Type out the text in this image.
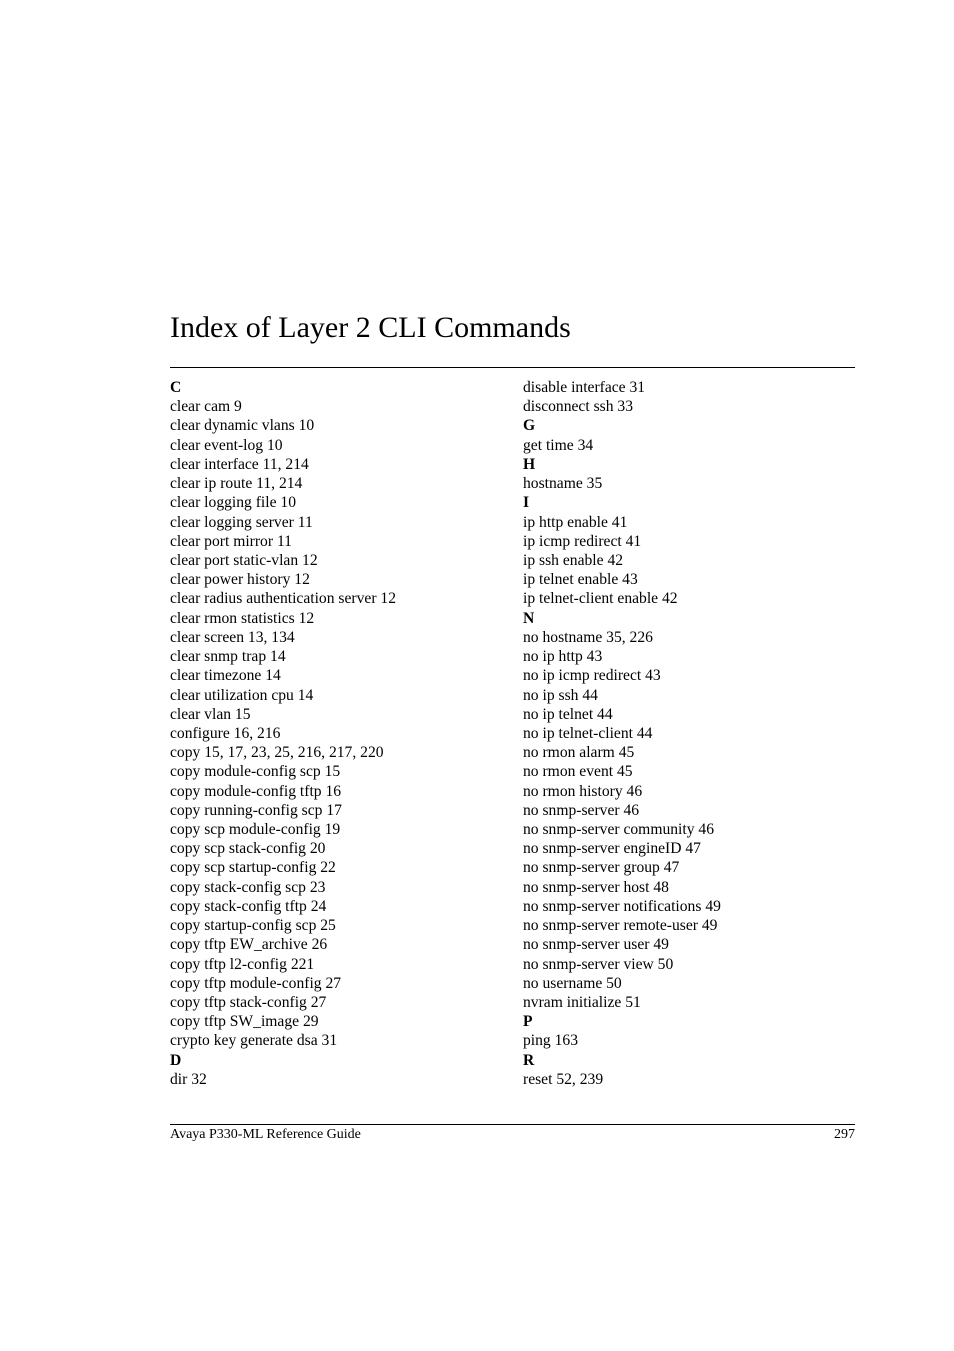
Index of Layer 2 CLI Commands
C
clear cam 9
clear dynamic vlans 10
clear event-log 10
clear interface 11, 214
clear ip route 11, 214
clear logging file 10
clear logging server 11
clear port mirror 11
clear port static-vlan 12
clear power history 12
clear radius authentication server 12
clear rmon statistics 12
clear screen 13, 134
clear snmp trap 14
clear timezone 14
clear utilization cpu 14
clear vlan 15
configure 16, 216
copy 15, 17, 23, 25, 216, 217, 220
copy module-config scp 15
copy module-config tftp 16
copy running-config scp 17
copy scp module-config 19
copy scp stack-config 20
copy scp startup-config 22
copy stack-config scp 23
copy stack-config tftp 24
copy startup-config scp 25
copy tftp EW_archive 26
copy tftp l2-config 221
copy tftp module-config 27
copy tftp stack-config 27
copy tftp SW_image 29
crypto key generate dsa 31
D
dir 32
disable interface 31
disconnect ssh 33
G
get time 34
H
hostname 35
I
ip http enable 41
ip icmp redirect 41
ip ssh enable 42
ip telnet enable 43
ip telnet-client enable 42
N
no hostname 35, 226
no ip http 43
no ip icmp redirect 43
no ip ssh 44
no ip telnet 44
no ip telnet-client 44
no rmon alarm 45
no rmon event 45
no rmon history 46
no snmp-server 46
no snmp-server community 46
no snmp-server engineID 47
no snmp-server group 47
no snmp-server host 48
no snmp-server notifications 49
no snmp-server remote-user 49
no snmp-server user 49
no snmp-server view 50
no username 50
nvram initialize 51
P
ping 163
R
reset 52, 239
Avaya P330-ML Reference Guide	297
